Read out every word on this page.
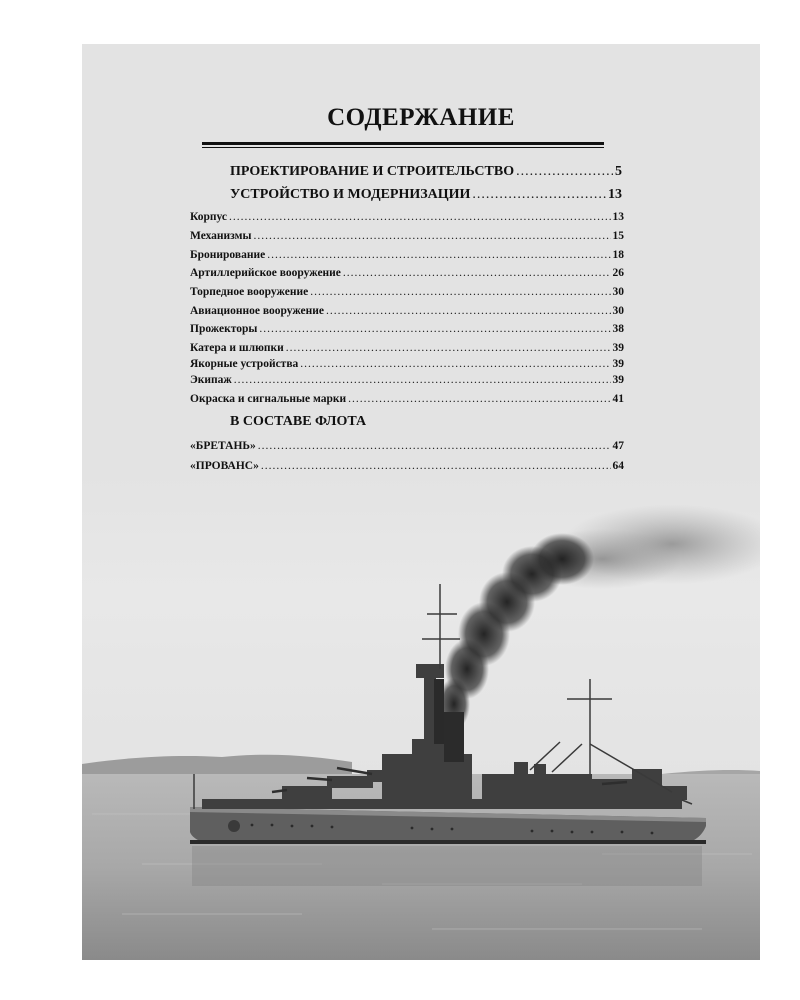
СОДЕРЖАНИЕ
ПРОЕКТИРОВАНИЕ И СТРОИТЕЛЬСТВО .....	5
УСТРОЙСТВО И МОДЕРНИЗАЦИИ .....	13
Корпус .....	13
Механизмы .....	15
Бронирование .....	18
Артиллерийское вооружение .....	26
Торпедное вооружение .....	30
Авиационное вооружение .....	30
Прожекторы .....	38
Катера и шлюпки .....	39
Якорные устройства .....	39
Экипаж .....	39
Окраска и сигнальные марки .....	41
В СОСТАВЕ ФЛОТА
«БРЕТАНЬ» .....	47
«ПРОВАНС» .....	64
.....
.....
